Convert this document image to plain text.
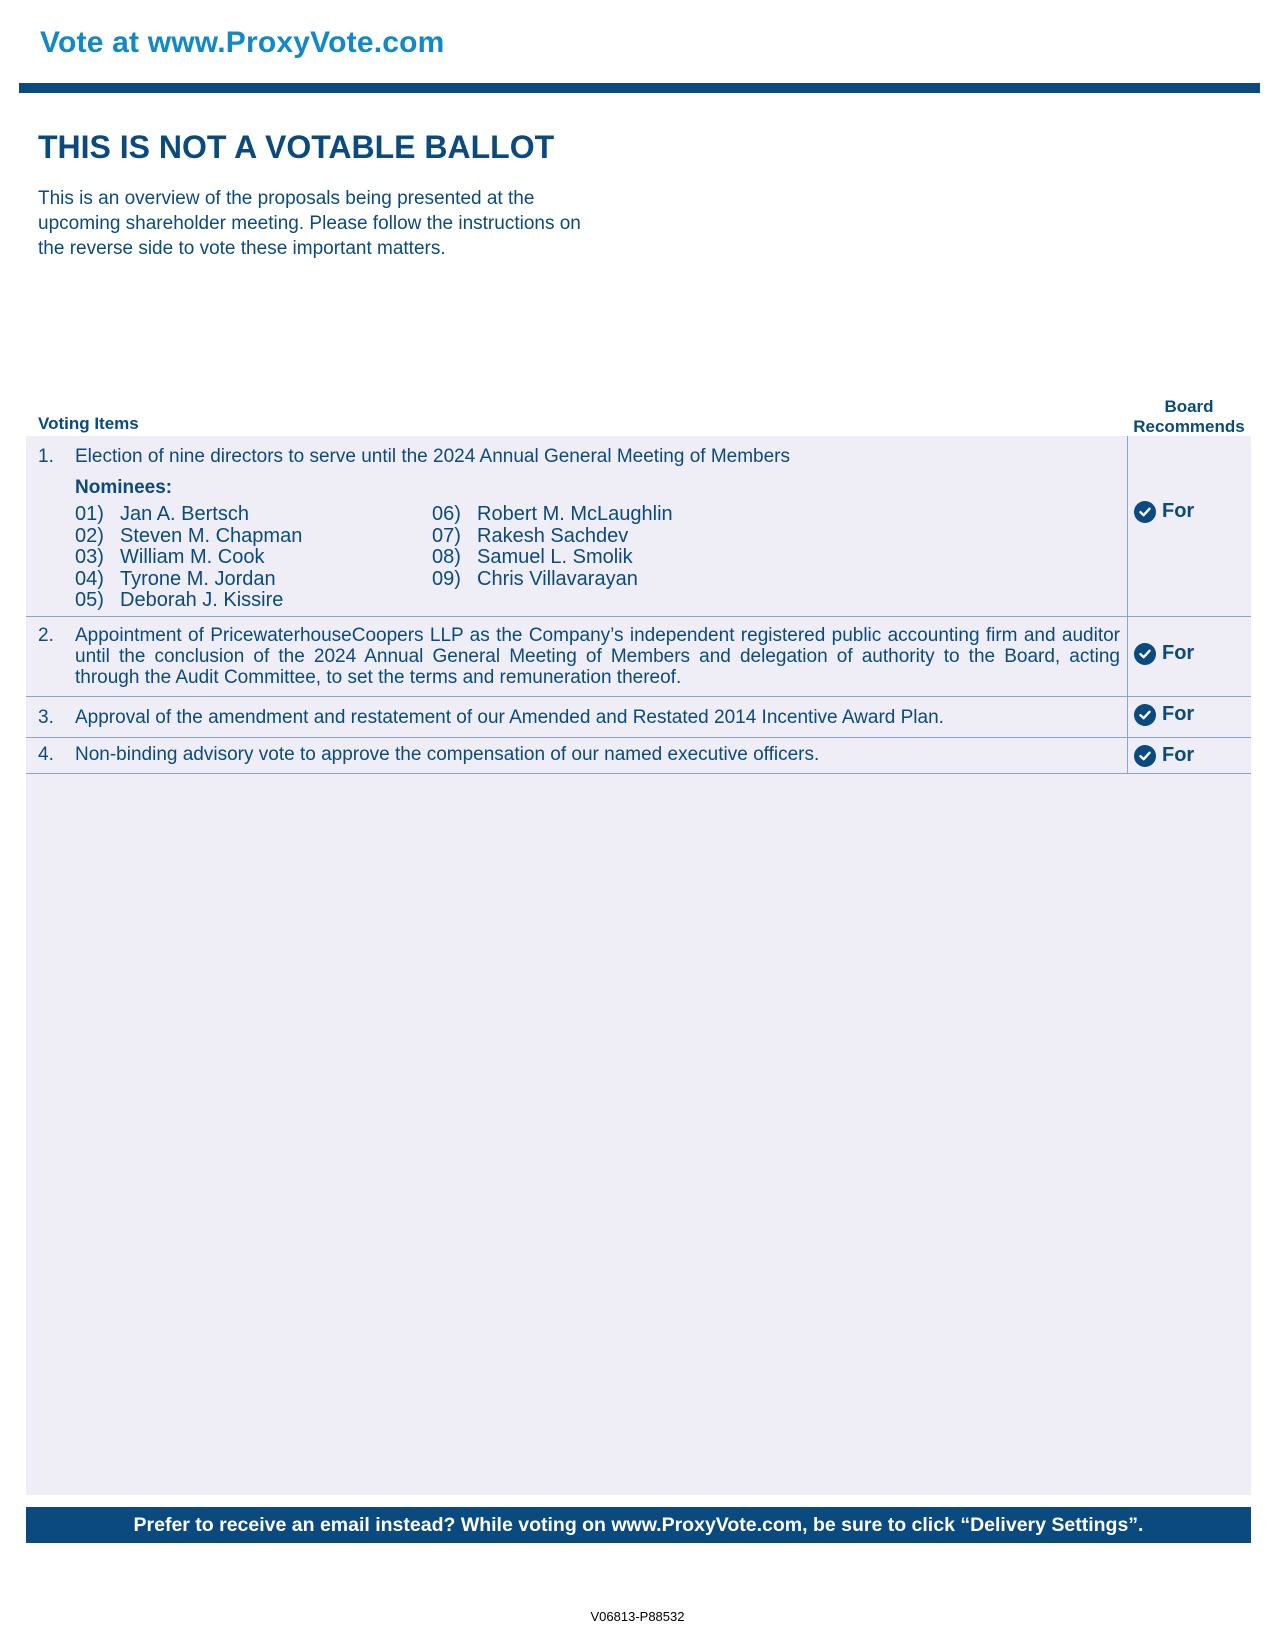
Vote at www.ProxyVote.com
THIS IS NOT A VOTABLE BALLOT
This is an overview of the proposals being presented at the
upcoming shareholder meeting. Please follow the instructions on
the reverse side to vote these important matters.
Voting Items
Board
Recommends
1. Election of nine directors to serve until the 2024 Annual General Meeting of Members
Nominees:
01) Jan A. Bertsch
02) Steven M. Chapman
03) William M. Cook
04) Tyrone M. Jordan
05) Deborah J. Kissire
06) Robert M. McLaughlin
07) Rakesh Sachdev
08) Samuel L. Smolik
09) Chris Villavarayan
For
2. Appointment of PricewaterhouseCoopers LLP as the Company’s independent registered public accounting firm and auditor until the conclusion of the 2024 Annual General Meeting of Members and delegation of authority to the Board, acting through the Audit Committee, to set the terms and remuneration thereof.
For
3. Approval of the amendment and restatement of our Amended and Restated 2014 Incentive Award Plan.	For
4. Non-binding advisory vote to approve the compensation of our named executive officers.	For
Prefer to receive an email instead? While voting on www.ProxyVote.com, be sure to click “Delivery Settings”.
V06813-P88532
